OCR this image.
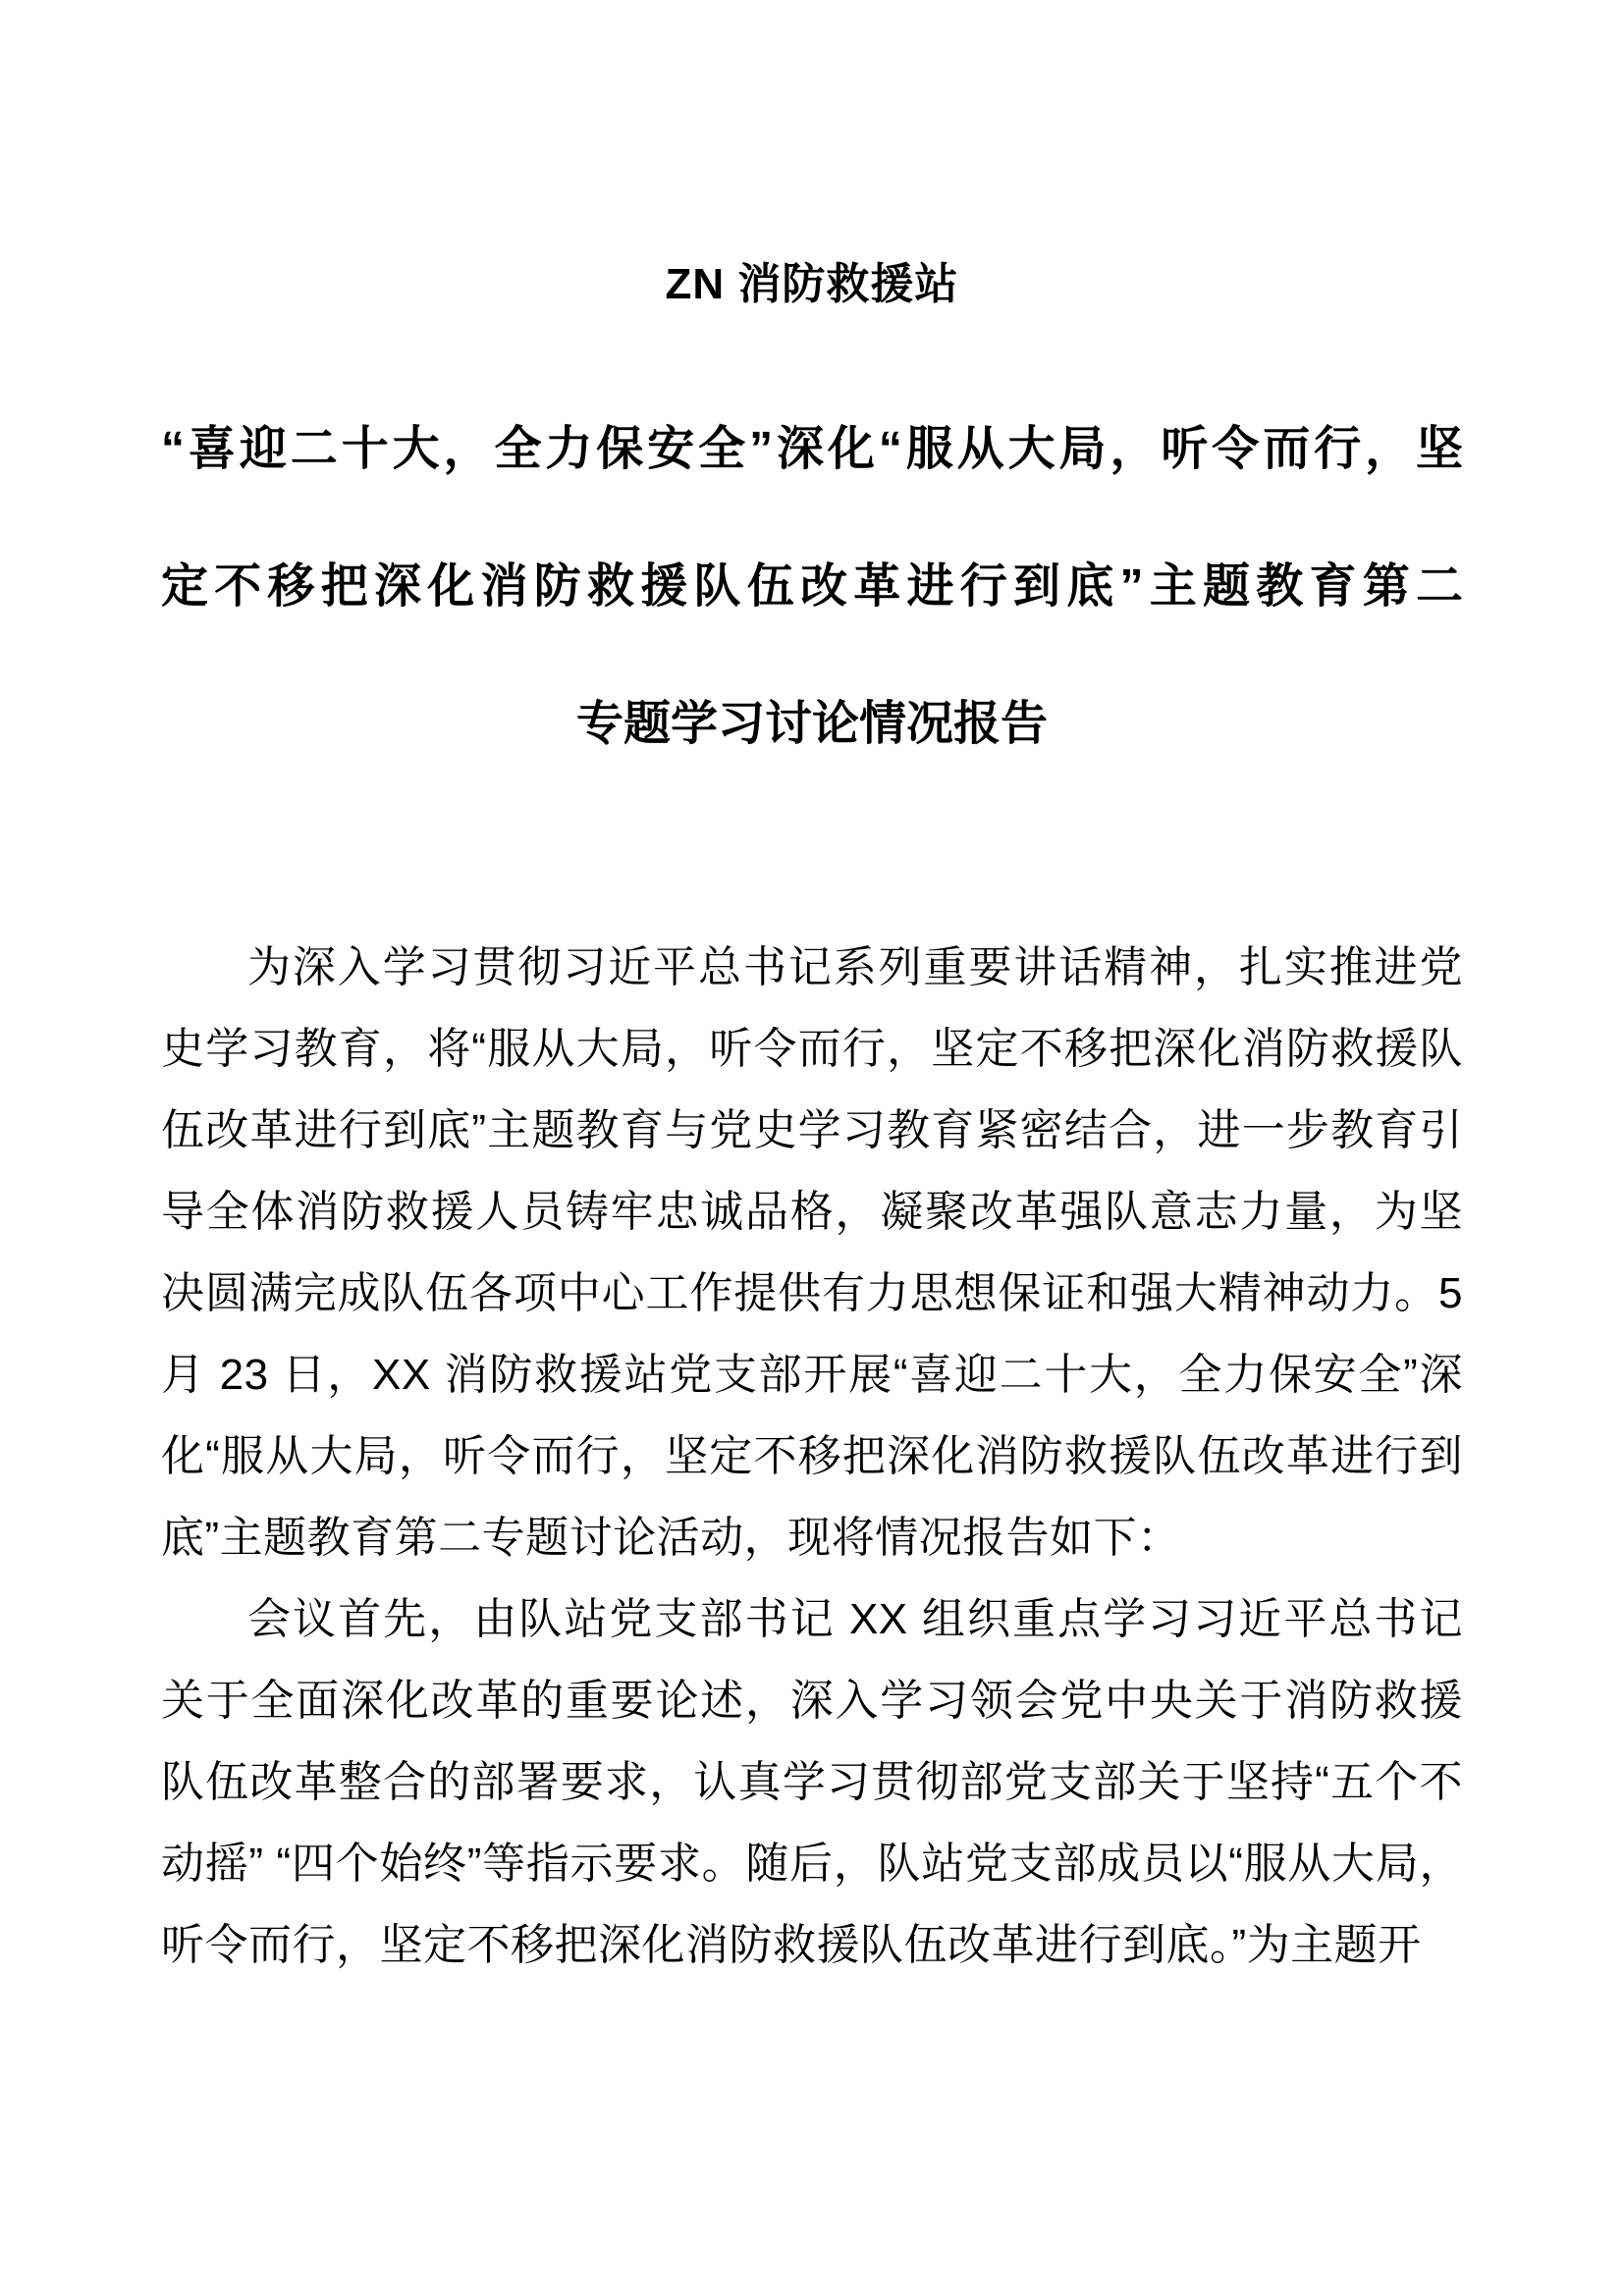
ZN 消防救援站
“喜迎二十大，全力保安全”深化“服从大局，听令而行，坚
定不移把深化消防救援队伍改革进行到底”主题教育第二
专题学习讨论情况报告

为深入学习贯彻习近平总书记系列重要讲话精神，扎实推进党史学习教育，将“服从大局，听令而行，坚定不移把深化消防救援队伍改革进行到底”主题教育与党史学习教育紧密结合，进一步教育引导全体消防救援人员铸牢忠诚品格，凝聚改革强队意志力量，为坚决圆满完成队伍各项中心工作提供有力思想保证和强大精神动力。5 月 23 日，XX 消防救援站党支部开展“喜迎二十大，全力保安全”深化“服从大局，听令而行，坚定不移把深化消防救援队伍改革进行到底”主题教育第二专题讨论活动，现将情况报告如下：

会议首先，由队站党支部书记 XX 组织重点学习习近平总书记关于全面深化改革的重要论述，深入学习领会党中央关于消防救援队伍改革整合的部署要求，认真学习贯彻部党支部关于坚持“五个不动摇” “四个始终”等指示要求。随后，队站党支部成员以“服从大局，听令而行，坚定不移把深化消防救援队伍改革进行到底。”为主题开
